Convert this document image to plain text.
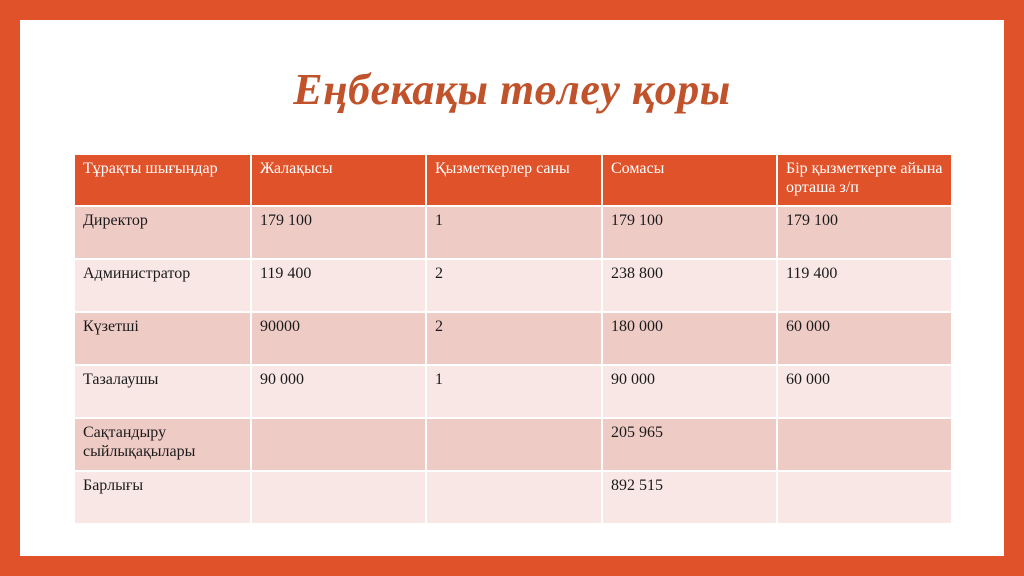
Еңбекақы төлеу қоры
Тұрақты шығындар	Жалақысы	Қызметкерлер саны	Сомасы	Бір қызметкерге айына орташа з/п
Директор	179 100	1	179 100	179 100
Администратор	119 400	2	238 800	119 400
Күзетші	90000	2	180 000	60 000
Тазалаушы	90 000	1	90 000	60 000
Сақтандыру сыйлықақылары			205 965	
Барлығы			892 515	
